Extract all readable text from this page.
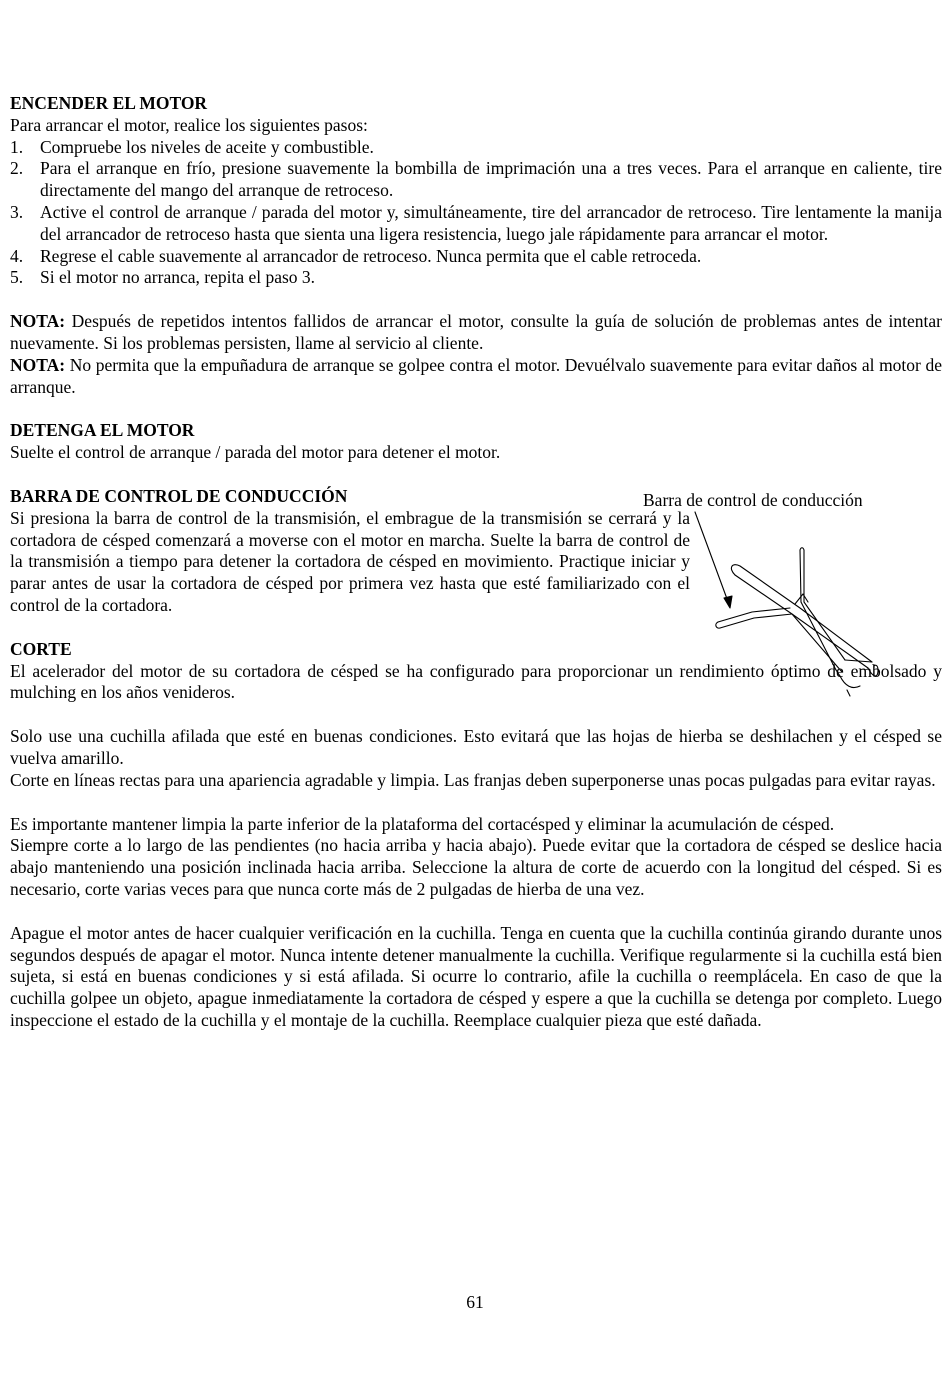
ENCENDER EL MOTOR

Para arrancar el motor, realice los siguientes pasos:

1. Compruebe los niveles de aceite y combustible.
2. Para el arranque en frío, presione suavemente la bombilla de imprimación una a tres veces. Para el arranque en caliente, tire directamente del mango del arranque de retroceso.
3. Active el control de arranque / parada del motor y, simultáneamente, tire del arrancador de retroceso. Tire lentamente la manija del arrancador de retroceso hasta que sienta una ligera resistencia, luego jale rápidamente para arrancar el motor.
4. Regrese el cable suavemente al arrancador de retroceso. Nunca permita que el cable retroceda.
5. Si el motor no arranca, repita el paso 3.

NOTA: Después de repetidos intentos fallidos de arrancar el motor, consulte la guía de solución de problemas antes de intentar nuevamente. Si los problemas persisten, llame al servicio al cliente.

NOTA: No permita que la empuñadura de arranque se golpee contra el motor. Devuélvalo suavemente para evitar daños al motor de arranque.

DETENGA EL MOTOR

Suelte el control de arranque / parada del motor para detener el motor.

BARRA DE CONTROL DE CONDUCCIÓN

Si presiona la barra de control de la transmisión, el embrague de la transmisión se cerrará y la cortadora de césped comenzará a moverse con el motor en marcha. Suelte la barra de control de la transmisión a tiempo para detener la cortadora de césped en movimiento. Practique iniciar y parar antes de usar la cortadora de césped por primera vez hasta que esté familiarizado con el control de la cortadora.

CORTE

El acelerador del motor de su cortadora de césped se ha configurado para proporcionar un rendimiento óptimo de embolsado y mulching en los años venideros.

Solo use una cuchilla afilada que esté en buenas condiciones. Esto evitará que las hojas de hierba se deshilachen y el césped se vuelva amarillo.

Corte en líneas rectas para una apariencia agradable y limpia. Las franjas deben superponerse unas pocas pulgadas para evitar rayas.

Es importante mantener limpia la parte inferior de la plataforma del cortacésped y eliminar la acumulación de césped.

Siempre corte a lo largo de las pendientes (no hacia arriba y hacia abajo). Puede evitar que la cortadora de césped se deslice hacia abajo manteniendo una posición inclinada hacia arriba. Seleccione la altura de corte de acuerdo con la longitud del césped. Si es necesario, corte varias veces para que nunca corte más de 2 pulgadas de hierba de una vez.

Apague el motor antes de hacer cualquier verificación en la cuchilla. Tenga en cuenta que la cuchilla continúa girando durante unos segundos después de apagar el motor. Nunca intente detener manualmente la cuchilla. Verifique regularmente si la cuchilla está bien sujeta, si está en buenas condiciones y si está afilada. Si ocurre lo contrario, afile la cuchilla o reemplácela. En caso de que la cuchilla golpee un objeto, apague inmediatamente la cortadora de césped y espere a que la cuchilla se detenga por completo. Luego inspeccione el estado de la cuchilla y el montaje de la cuchilla. Reemplace cualquier pieza que esté dañada.

Barra de control de conducción
61
